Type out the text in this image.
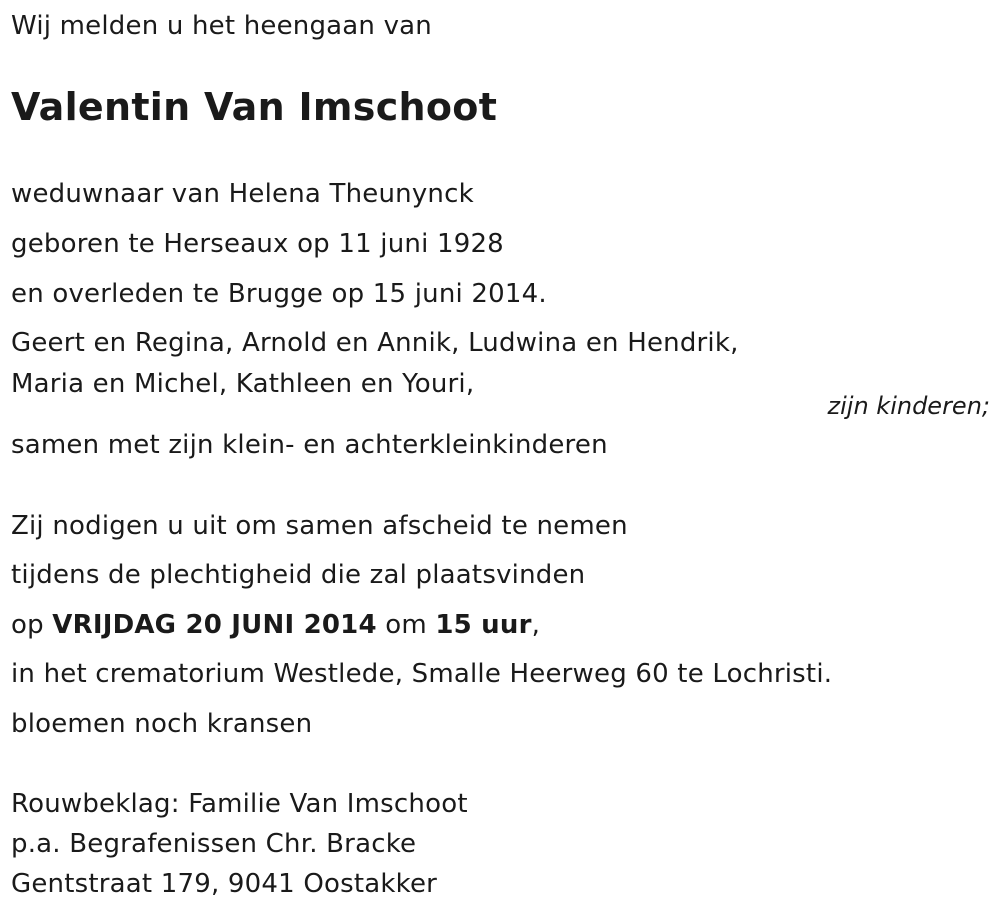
Wij melden u het heengaan van
Valentin Van Imschoot
weduwnaar van Helena Theunynck
geboren te Herseaux op 11 juni 1928
en overleden te Brugge op 15 juni 2014.
Geert en Regina, Arnold en Annik, Ludwina en Hendrik,
Maria en Michel, Kathleen en Youri,
zijn kinderen;
samen met zijn klein- en achterkleinkinderen
Zij nodigen u uit om samen afscheid te nemen
tijdens de plechtigheid die zal plaatsvinden
op VRIJDAG 20 JUNI 2014 om 15 uur,
in het crematorium Westlede, Smalle Heerweg 60 te Lochristi.
bloemen noch kransen
Rouwbeklag: Familie Van Imschoot
p.a. Begrafenissen Chr. Bracke
Gentstraat 179, 9041 Oostakker
